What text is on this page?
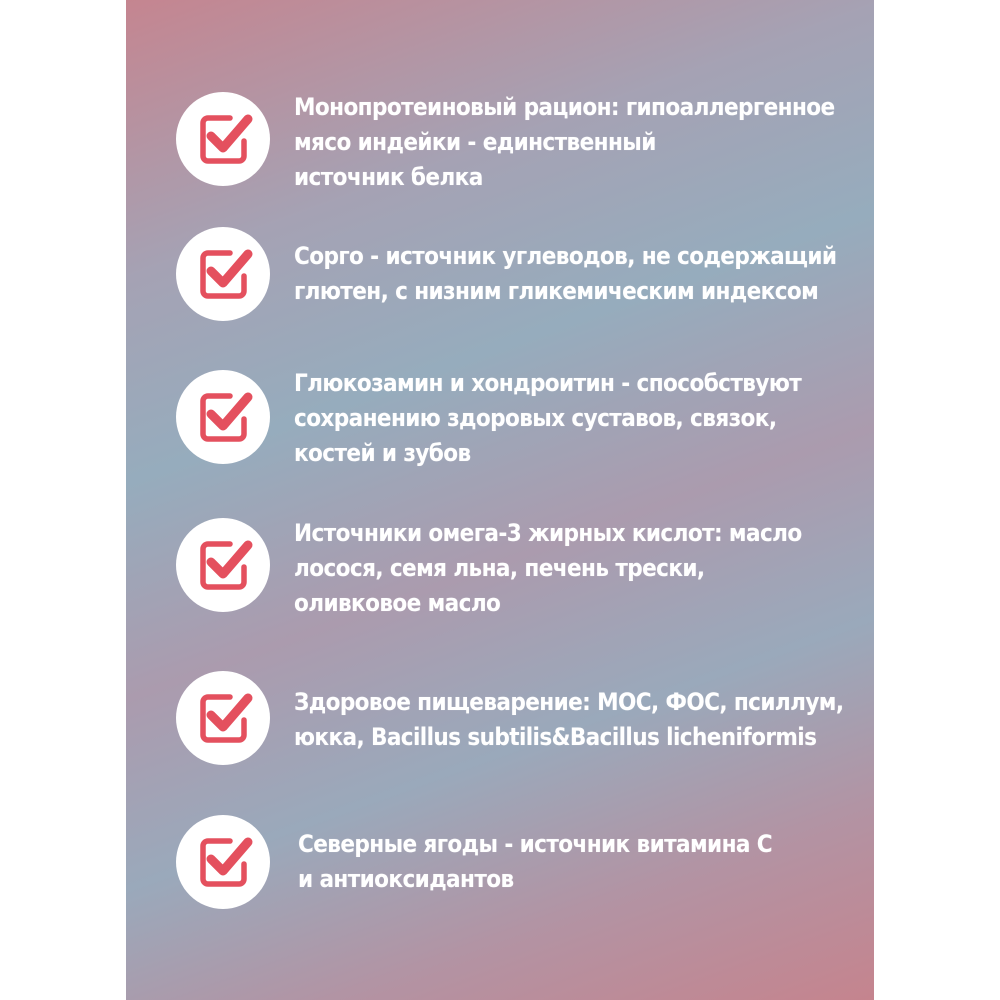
Монопротеиновый рацион: гипоаллергенное
мясо индейки - единственный
источник белка
Сорго - источник углеводов, не содержащий
глютен, с низним гликемическим индексом
Глюкозамин и хондроитин - способствуют
сохранению здоровых суставов, связок,
костей и зубов
Источники омега-3 жирных кислот: масло
лосося, семя льна, печень трески,
оливковое масло
Здоровое пищеварение: МОС, ФОС, псиллум,
юкка, Bacillus subtilis&Bacillus licheniformis
Северные ягоды - источник витамина С
и антиоксидантов
